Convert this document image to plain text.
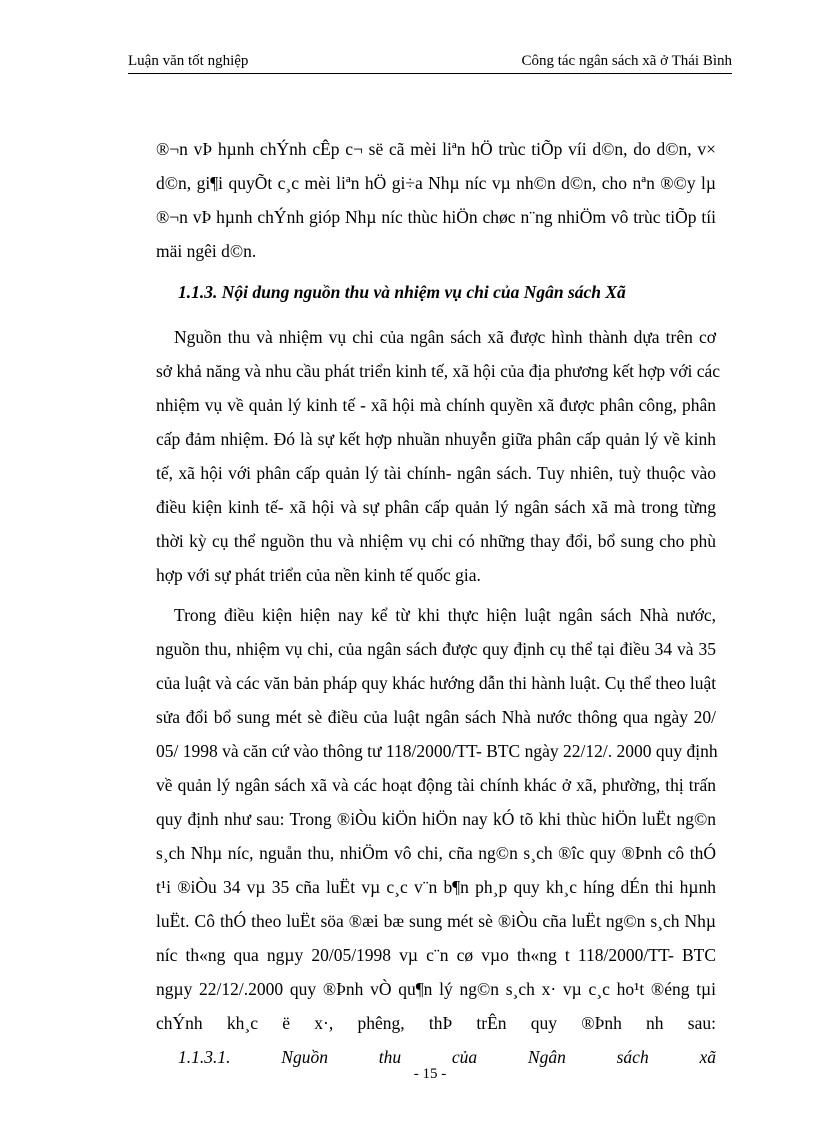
Luận văn tốt nghiệp	Công tác ngân sách xã ở Thái Bình
®¬n vÞ hµnh chÝnh cÊp c¬ së cã mèi liªn hÖ trùc tiÕp víi d©n, do d©n, v×
d©n, gi¶i quyÕt c¸c mèi liªn hÖ gi÷a Nhµ níc vµ nh©n d©n, cho nªn ®©y lµ
®¬n vÞ hµnh chÝnh gióp Nhµ níc thùc hiÖn chøc n¨ng nhiÖm vô trùc tiÕp tíi
mäi ngêi d©n.
1.1.3. Nội dung nguồn thu và nhiệm vụ chi của Ngân sách Xã
Nguồn thu và nhiệm vụ chi của ngân sách xã được hình thành dựa trên cơ
sở khả năng và nhu cầu phát triển kinh tế, xã hội của địa phương kết hợp với các
nhiệm vụ về quản lý kinh tế - xã hội mà chính quyền xã được phân công, phân
cấp đảm nhiệm. Đó là sự kết hợp nhuần nhuyễn giữa phân cấp quản lý về kinh
tế, xã hội với phân cấp quản lý tài chính- ngân sách. Tuy nhiên, tuỳ thuộc vào
điều kiện kinh tế- xã hội và sự phân cấp quản lý ngân sách xã mà trong từng
thời kỳ cụ thể nguồn thu và nhiệm vụ chi có những thay đổi, bổ sung cho phù
hợp với sự phát triển của nền kinh tế quốc gia.
Trong điều kiện hiện nay kể từ khi thực hiện luật ngân sách Nhà nước,
nguồn thu, nhiệm vụ chi, của ngân sách được quy định cụ thể tại điều 34 và 35
của luật và các văn bản pháp quy khác hướng dẫn thi hành luật. Cụ thể theo luật
sửa đổi bổ sung mét sè điều của luật ngân sách Nhà nước thông qua ngày 20/
05/ 1998 và căn cứ vào thông tư 118/2000/TT- BTC ngày 22/12/. 2000 quy định
về quản lý ngân sách xã và các hoạt động tài chính khác ở xã, phường, thị trấn
quy định như sau: Trong ®iÒu kiÖn hiÖn nay kÓ tõ khi thùc hiÖn luËt ng©n
s¸ch Nhµ níc, nguån thu, nhiÖm vô chi, cña ng©n s¸ch ®îc quy ®Þnh cô thÓ
t¹i ®iÒu 34 vµ 35 cña luËt vµ c¸c v¨n b¶n ph¸p quy kh¸c híng dÉn thi hµnh
luËt. Cô thÓ theo luËt söa ®æi bæ sung mét sè ®iÒu cña luËt ng©n s¸ch Nhµ
níc th«ng qua ngµy 20/05/1998 vµ c¨n cø vµo th«ng t 118/2000/TT- BTC
ngµy 22/12/.2000 quy ®Þnh vÒ qu¶n lý ng©n s¸ch x· vµ c¸c ho¹t ®éng tµi
chÝnh kh¸c ë x·, phêng, thÞ trÊn quy ®Þnh nh sau:
1.1.3.1. Nguồn thu của Ngân sách xã
- 15 -
